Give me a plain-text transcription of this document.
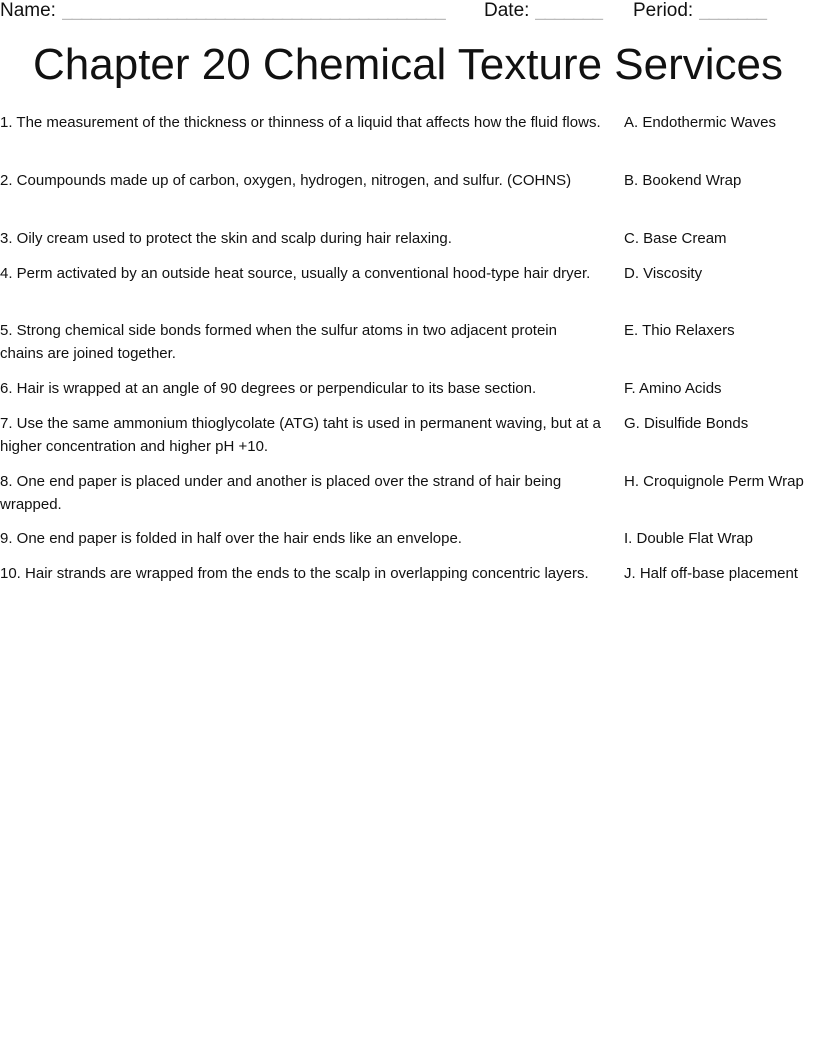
Name: ________________________________________	Date: _______	Period: _______
Chapter 20 Chemical Texture Services
1. The measurement of the thickness or thinness of a liquid that affects how the fluid flows. A. Endothermic Waves
2. Coumpounds made up of carbon, oxygen, hydrogen, nitrogen, and sulfur. (COHNS)	B. Bookend Wrap
3. Oily cream used to protect the skin and scalp during hair relaxing.	C. Base Cream
4. Perm activated by an outside heat source, usually a conventional hood-type hair dryer.	D. Viscosity
5. Strong chemical side bonds formed when the sulfur atoms in two adjacent protein chains are joined together.
E. Thio Relaxers
6. Hair is wrapped at an angle of 90 degrees or perpendicular to its base section.	F. Amino Acids
7. Use the same ammonium thioglycolate (ATG) taht is used in permanent waving, but at a higher concentration and higher pH +10.
G. Disulfide Bonds
8. One end paper is placed under and another is placed over the strand of hair being wrapped.
H. Croquignole Perm Wrap
9. One end paper is folded in half over the hair ends like an envelope.	I. Double Flat Wrap
10. Hair strands are wrapped from the ends to the scalp in overlapping concentric layers.	J. Half off-base placement
